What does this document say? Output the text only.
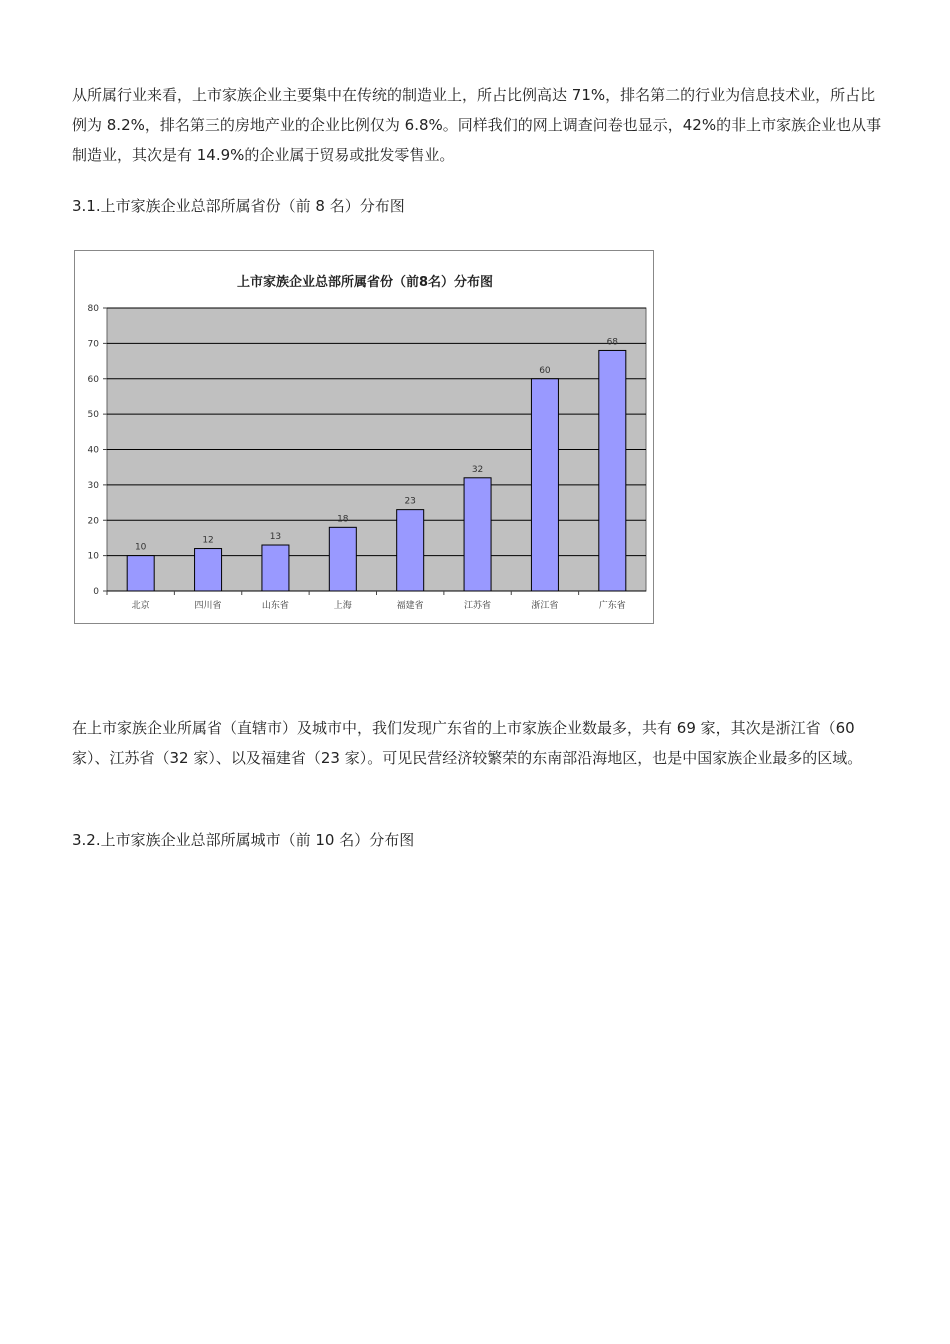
从所属行业来看，上市家族企业主要集中在传统的制造业上，所占比例高达 71%，排名第二的行业为信息技术业，所占比例为 8.2%，排名第三的房地产业的企业比例仅为 6.8%。同样我们的网上调查问卷也显示，42%的非上市家族企业也从事制造业，其次是有 14.9%的企业属于贸易或批发零售业。

3.1.上市家族企业总部所属省份（前 8 名）分布图

上市家族企业总部所属省份（前8名）分布图
0
10
20
30
40
50
60
70
80
10
北京
12
四川省
13
山东省
18
上海
23
福建省
32
江苏省
60
浙江省
68
广东省

在上市家族企业所属省（直辖市）及城市中，我们发现广东省的上市家族企业数最多，共有 69 家，其次是浙江省（60 家）、江苏省（32 家）、以及福建省（23 家）。可见民营经济较繁荣的东南部沿海地区，也是中国家族企业最多的区域。

3.2.上市家族企业总部所属城市（前 10 名）分布图
